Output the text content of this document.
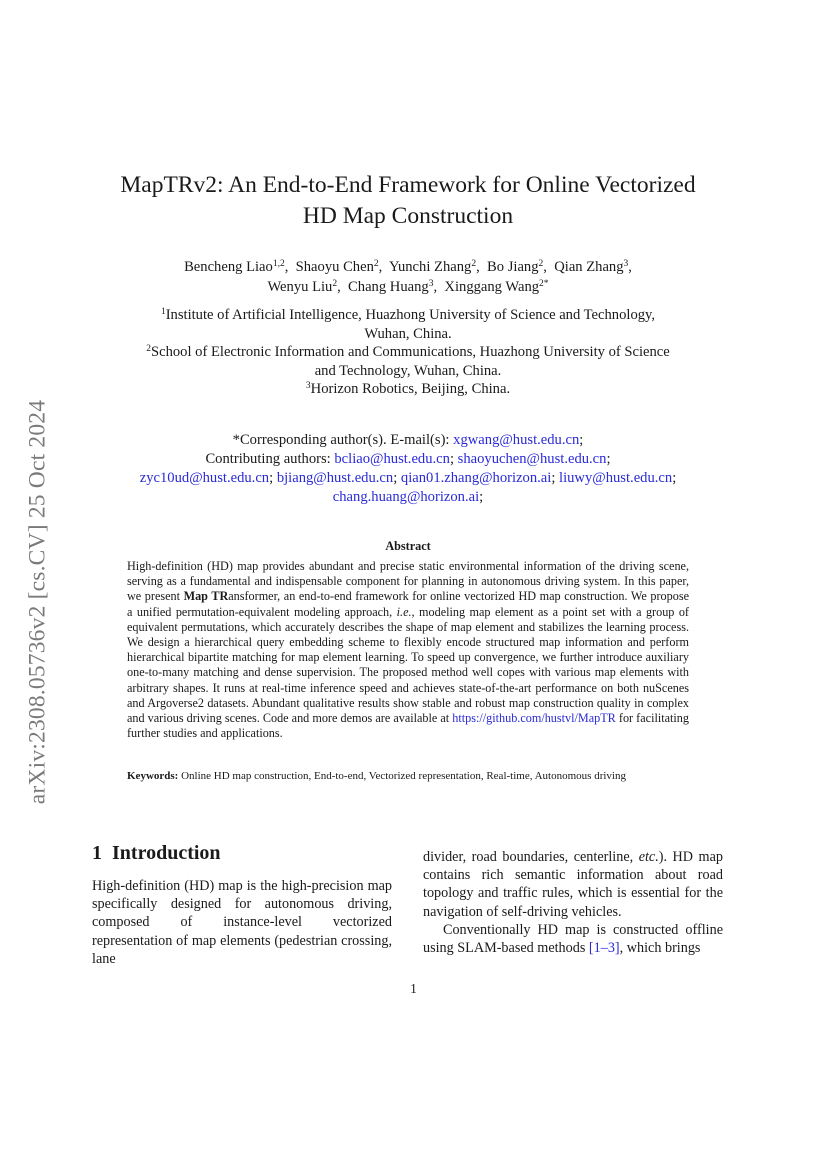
arXiv:2308.05736v2 [cs.CV] 25 Oct 2024
MapTRv2: An End-to-End Framework for Online Vectorized
HD Map Construction
Bencheng Liao$^{1,2}$,  Shaoyu Chen$^2$,  Yunchi Zhang$^2$,  Bo Jiang$^2$,  Qian Zhang$^3$,
Wenyu Liu$^2$,  Chang Huang$^3$,  Xinggang Wang$^{2*}$
$^1$Institute of Artificial Intelligence, Huazhong University of Science and Technology,
Wuhan, China.
$^2$School of Electronic Information and Communications, Huazhong University of Science
and Technology, Wuhan, China.
$^3$Horizon Robotics, Beijing, China.
*Corresponding author(s). E-mail(s): xgwang@hust.edu.cn;
Contributing authors: bcliao@hust.edu.cn; shaoyuchen@hust.edu.cn;
zyc10ud@hust.edu.cn; bjiang@hust.edu.cn; qian01.zhang@horizon.ai; liuwy@hust.edu.cn;
chang.huang@horizon.ai;
Abstract

High-definition (HD) map provides abundant and precise static environmental information of the driving scene, serving as a fundamental and indispensable component for planning in autonomous driving system. In this paper, we present Map TRansformer, an end-to-end framework for online vectorized HD map construction. We propose a unified permutation-equivalent modeling approach, i.e., modeling map element as a point set with a group of equivalent permutations, which accurately describes the shape of map element and stabilizes the learning process. We design a hierarchical query embedding scheme to flexibly encode structured map information and perform hierarchical bipartite matching for map element learning. To speed up convergence, we further introduce auxiliary one-to-many matching and dense supervision. The proposed method well copes with various map elements with arbitrary shapes. It runs at real-time inference speed and achieves state-of-the-art performance on both nuScenes and Argoverse2 datasets. Abundant qualitative results show stable and robust map construction quality in complex and various driving scenes. Code and more demos are available at https://github.com/hustvl/MapTR for facilitating further studies and applications.

Keywords: Online HD map construction, End-to-end, Vectorized representation, Real-time, Autonomous driving
1 Introduction

High-definition (HD) map is the high-precision map specifically designed for autonomous driving, composed of instance-level vectorized representation of map elements (pedestrian crossing, lane

divider, road boundaries, centerline, etc.). HD map contains rich semantic information about road topology and traffic rules, which is essential for the navigation of self-driving vehicles.

Conventionally HD map is constructed offline using SLAM-based methods [1–3], which brings

1
